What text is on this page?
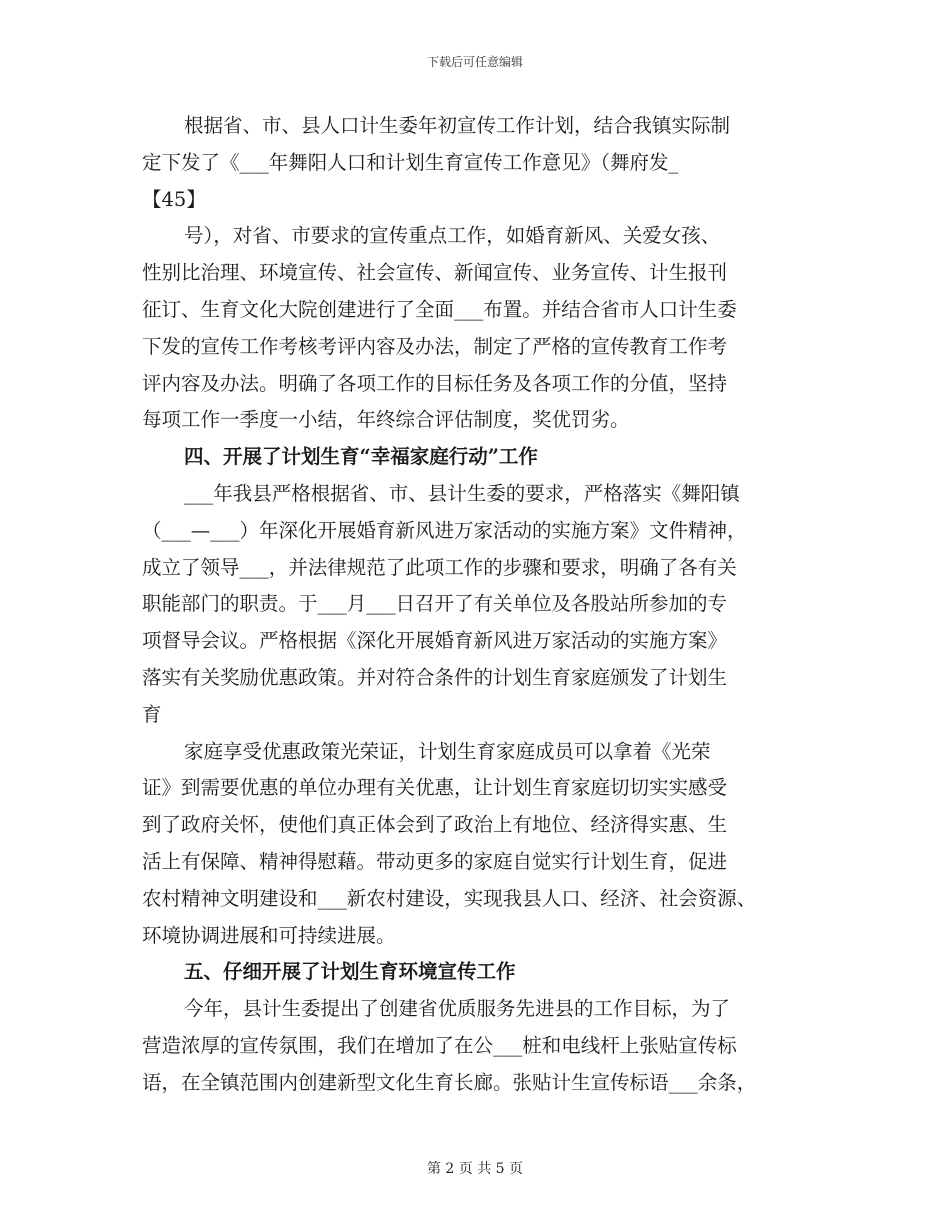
下载后可任意编辑
根据省、市、县人口计生委年初宣传工作计划，结合我镇实际制
定下发了《___年舞阳人口和计划生育宣传工作意见》（舞府发_
【45】
号），对省、市要求的宣传重点工作，如婚育新风、关爱女孩、
性别比治理、环境宣传、社会宣传、新闻宣传、业务宣传、计生报刊
征订、生育文化大院创建进行了全面___布置。并结合省市人口计生委
下发的宣传工作考核考评内容及办法，制定了严格的宣传教育工作考
评内容及办法。明确了各项工作的目标任务及各项工作的分值，坚持
每项工作一季度一小结，年终综合评估制度，奖优罚劣。
四、开展了计划生育“幸福家庭行动”工作
___年我县严格根据省、市、县计生委的要求，严格落实《舞阳镇
（___—___）年深化开展婚育新风进万家活动的实施方案》文件精神，
成立了领导___，并法律规范了此项工作的步骤和要求，明确了各有关
职能部门的职责。于___月___日召开了有关单位及各股站所参加的专
项督导会议。严格根据《深化开展婚育新风进万家活动的实施方案》
落实有关奖励优惠政策。并对符合条件的计划生育家庭颁发了计划生
育
家庭享受优惠政策光荣证，计划生育家庭成员可以拿着《光荣
证》到需要优惠的单位办理有关优惠，让计划生育家庭切切实实感受
到了政府关怀，使他们真正体会到了政治上有地位、经济得实惠、生
活上有保障、精神得慰藉。带动更多的家庭自觉实行计划生育，促进
农村精神文明建设和___新农村建设，实现我县人口、经济、社会资源、
环境协调进展和可持续进展。
五、仔细开展了计划生育环境宣传工作
今年，县计生委提出了创建省优质服务先进县的工作目标，为了
营造浓厚的宣传氛围，我们在增加了在公___桩和电线杆上张贴宣传标
语，在全镇范围内创建新型文化生育长廊。张贴计生宣传标语___余条，
第 2 页 共 5 页
